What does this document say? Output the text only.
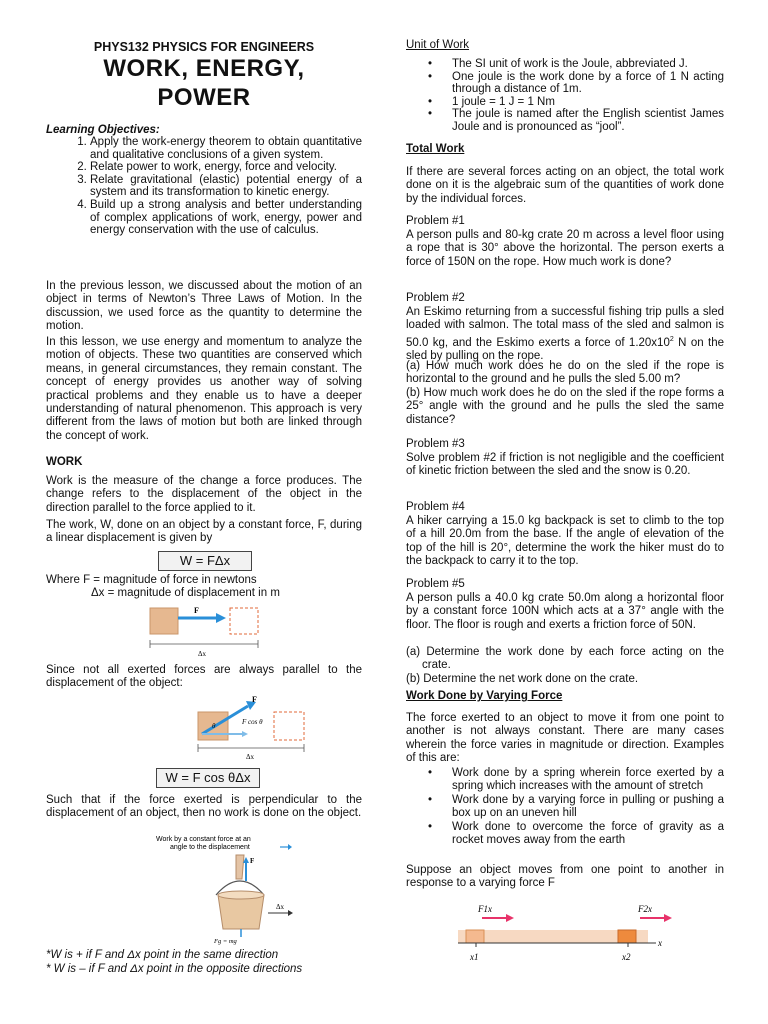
PHYS132 PHYSICS FOR ENGINEERS
WORK, ENERGY,
POWER
Learning Objectives:
1. Apply the work-energy theorem to obtain quantitative and qualitative conclusions of a given system.
2. Relate power to work, energy, force and velocity.
3. Relate gravitational (elastic) potential energy of a system and its transformation to kinetic energy.
4. Build up a strong analysis and better understanding of complex applications of work, energy, power and energy conservation with the use of calculus.

In the previous lesson, we discussed about the motion of an object in terms of Newton’s Three Laws of Motion. In the discussion, we used force as the quantity to determine the motion.

In this lesson, we use energy and momentum to analyze the motion of objects. These two quantities are conserved which means, in general circumstances, they remain constant. The concept of energy provides us another way of solving practical problems and they enable us to have a deeper understanding of natural phenomenon. This approach is very different from the laws of motion but both are linked through the concept of work.

WORK

Work is the measure of the change a force produces. The change refers to the displacement of the object in the direction parallel to the force applied to it.

The work, W, done on an object by a constant force, F, during a linear displacement is given by

W = FΔx
Where F = magnitude of force in newtons
Δx = magnitude of displacement in m
F
Δx

Since not all exerted forces are always parallel to the displacement of the object:

F
θ	F cos θ
Δx
W = F cos θΔx

Such that if the force exerted is perpendicular to the displacement of an object, then no work is done on the object.

Work by a constant force at an
angle to the displacement
F
Δx
Fg = mg
*W is + if F and Δx point in the same direction
* W is – if F and Δx point in the opposite directions
Unit of Work
• The SI unit of work is the Joule, abbreviated J.
• One joule is the work done by a force of 1 N acting through a distance of 1m.
• 1 joule = 1 J = 1 Nm
• The joule is named after the English scientist James Joule and is pronounced as “jool”.
Total Work

If there are several forces acting on an object, the total work done on it is the algebraic sum of the quantities of work done by the individual forces.

Problem #1

A person pulls and 80-kg crate 20 m across a level floor using a rope that is 30° above the horizontal. The person exerts a force of 150N on the rope. How much work is done?

Problem #2

An Eskimo returning from a successful fishing trip pulls a sled loaded with salmon. The total mass of the sled and salmon is 50.0 kg, and the Eskimo exerts a force of $1.20x10^2$ N on the sled by pulling on the rope.

(a) How much work does he do on the sled if the rope is horizontal to the ground and he pulls the sled 5.00 m?

(b) How much work does he do on the sled if the rope forms a 25° angle with the ground and he pulls the sled the same distance?

Problem #3

Solve problem #2 if friction is not negligible and the coefficient of kinetic friction between the sled and the snow is 0.20.

Problem #4

A hiker carrying a 15.0 kg backpack is set to climb to the top of a hill 20.0m from the base. If the angle of elevation of the top of the hill is 20°, determine the work the hiker must do to the backpack to carry it to the top.

Problem #5

A person pulls a 40.0 kg crate 50.0m along a horizontal floor by a constant force 100N which acts at a 37° angle with the floor. The floor is rough and exerts a friction force of 50N.

(a) Determine the work done by each force acting on the crate.
(b) Determine the net work done on the crate.
Work Done by Varying Force

The force exerted to an object to move it from one point to another is not always constant. There are many cases wherein the force varies in magnitude or direction. Examples of this are:

• Work done by a spring wherein force exerted by a spring which increases with the amount of stretch
• Work done by a varying force in pulling or pushing a box up on an uneven hill
• Work done to overcome the force of gravity as a rocket moves away from the earth

Suppose an object moves from one point to another in response to a varying force F

F1x	F2x
x
x1	x2
